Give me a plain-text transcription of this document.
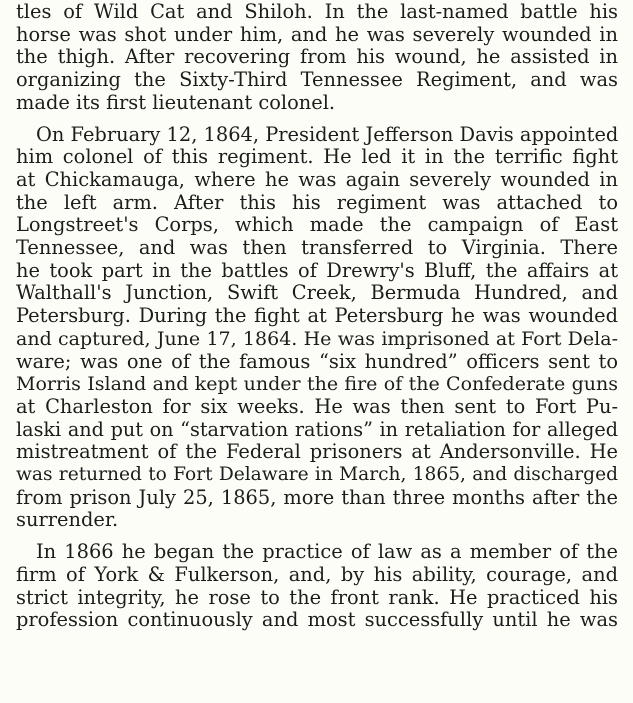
tles of Wild Cat and Shiloh. In the last-named battle his
horse was shot under him, and he was severely wounded in
the thigh. After recovering from his wound, he assisted in
organizing the Sixty-Third Tennessee Regiment, and was
made its first lieutenant colonel.

On February 12, 1864, President Jefferson Davis appointed
him colonel of this regiment. He led it in the terrific fight
at Chickamauga, where he was again severely wounded in
the left arm. After this his regiment was attached to
Longstreet's Corps, which made the campaign of East
Tennessee, and was then transferred to Virginia. There
he took part in the battles of Drewry's Bluff, the affairs at
Walthall's Junction, Swift Creek, Bermuda Hundred, and
Petersburg. During the fight at Petersburg he was wounded
and captured, June 17, 1864. He was imprisoned at Fort Dela-
ware; was one of the famous “six hundred” officers sent to
Morris Island and kept under the fire of the Confederate guns
at Charleston for six weeks. He was then sent to Fort Pu-
laski and put on “starvation rations” in retaliation for alleged
mistreatment of the Federal prisoners at Andersonville. He
was returned to Fort Delaware in March, 1865, and discharged
from prison July 25, 1865, more than three months after the
surrender.

In 1866 he began the practice of law as a member of the
firm of York & Fulkerson, and, by his ability, courage, and
strict integrity, he rose to the front rank. He practiced his
profession continuously and most successfully until he was
